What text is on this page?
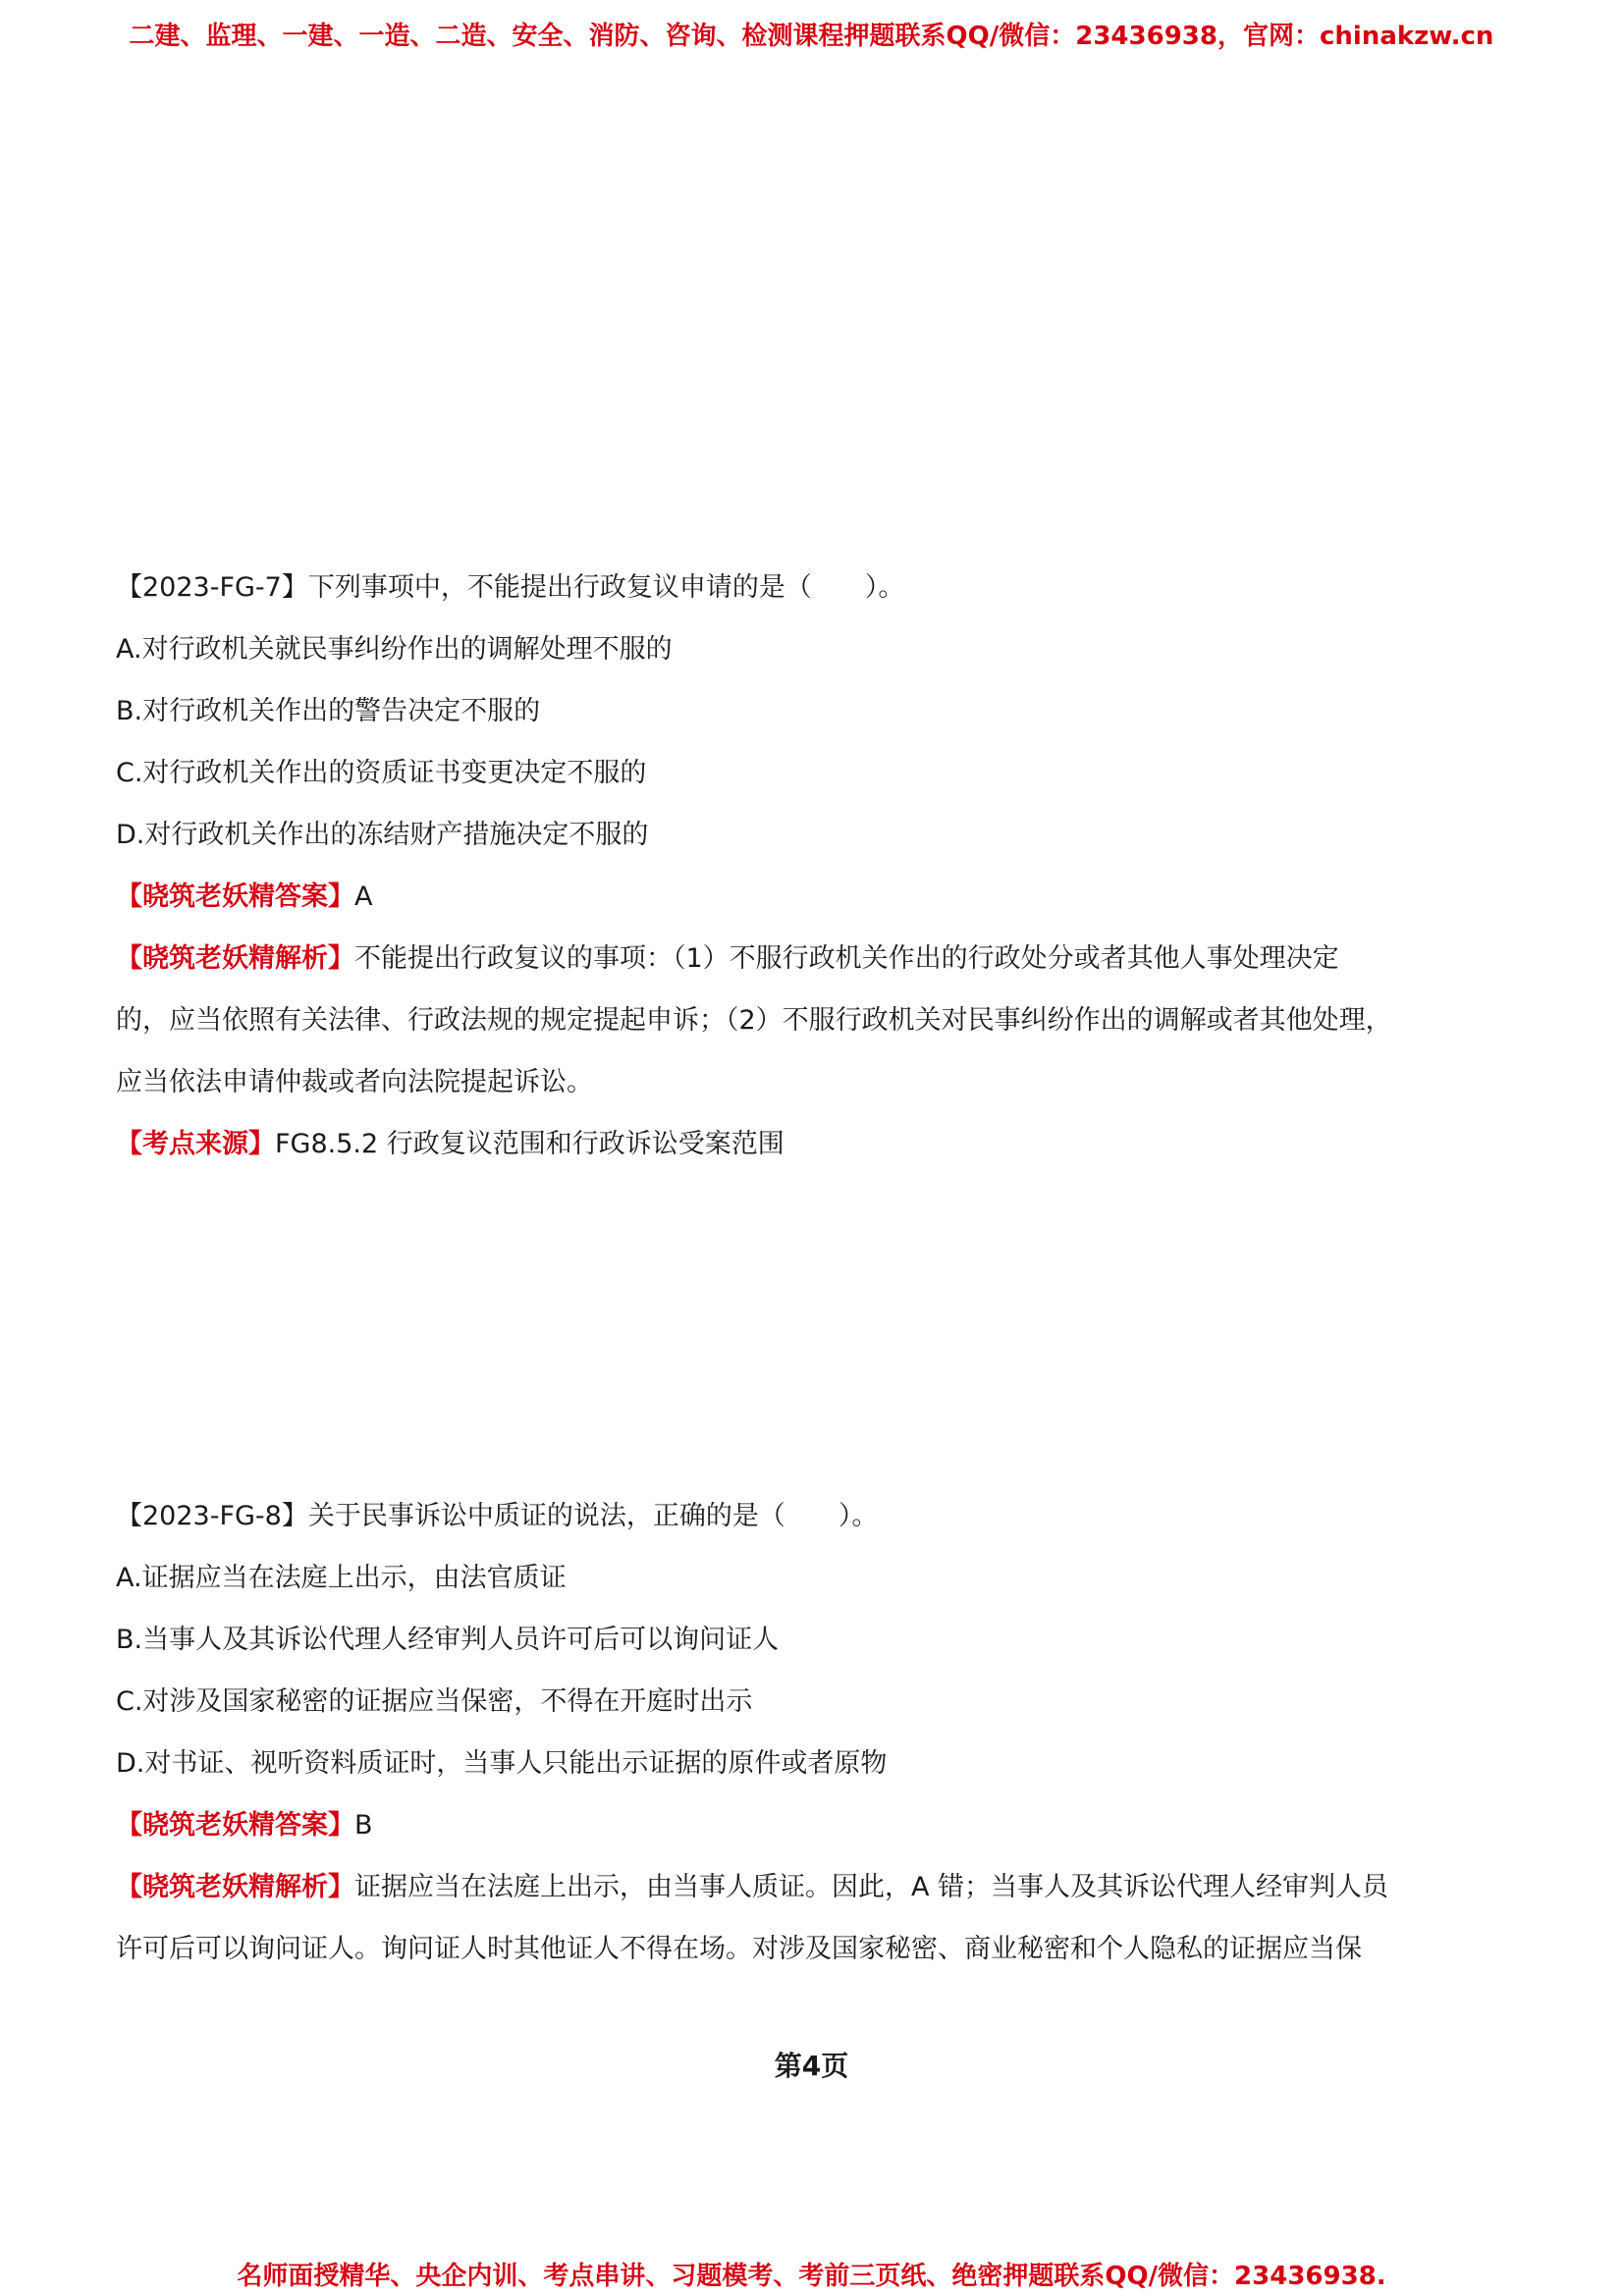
二建、监理、一建、一造、二造、安全、消防、咨询、检测课程押题联系QQ/微信：23436938，官网：chinakzw.cn
【2023-FG-7】下列事项中，不能提出行政复议申请的是（　　）。
A.对行政机关就民事纠纷作出的调解处理不服的
B.对行政机关作出的警告决定不服的
C.对行政机关作出的资质证书变更决定不服的
D.对行政机关作出的冻结财产措施决定不服的
【晓筑老妖精答案】A
【晓筑老妖精解析】不能提出行政复议的事项：（1）不服行政机关作出的行政处分或者其他人事处理决定
的，应当依照有关法律、行政法规的规定提起申诉；（2）不服行政机关对民事纠纷作出的调解或者其他处理，
应当依法申请仲裁或者向法院提起诉讼。
【考点来源】FG8.5.2 行政复议范围和行政诉讼受案范围
【2023-FG-8】关于民事诉讼中质证的说法，正确的是（　　）。
A.证据应当在法庭上出示，由法官质证
B.当事人及其诉讼代理人经审判人员许可后可以询问证人
C.对涉及国家秘密的证据应当保密，不得在开庭时出示
D.对书证、视听资料质证时，当事人只能出示证据的原件或者原物
【晓筑老妖精答案】B
【晓筑老妖精解析】证据应当在法庭上出示，由当事人质证。因此，A 错；当事人及其诉讼代理人经审判人员
许可后可以询问证人。询问证人时其他证人不得在场。对涉及国家秘密、商业秘密和个人隐私的证据应当保
第4页
名师面授精华、央企内训、考点串讲、习题模考、考前三页纸、绝密押题联系QQ/微信：23436938.
